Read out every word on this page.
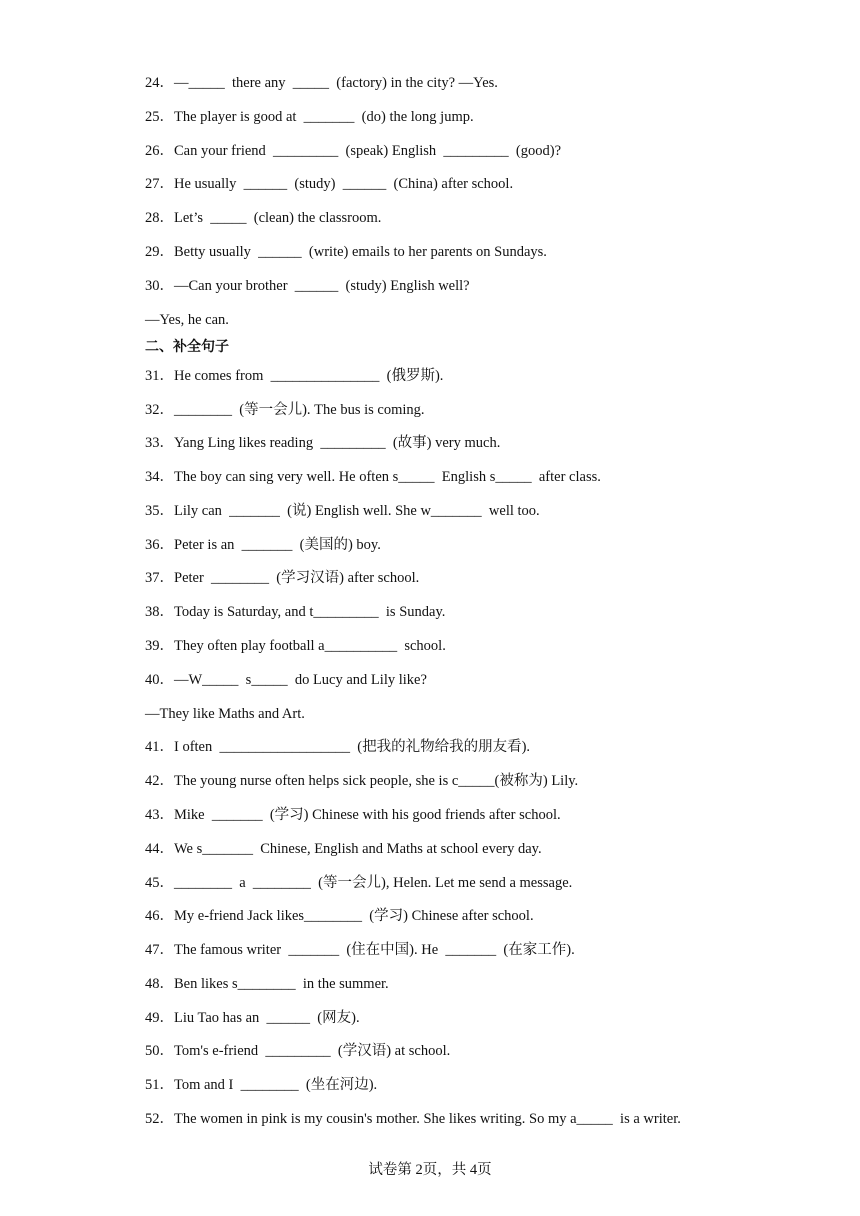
24．—_____  there any  _____  (factory) in the city? —Yes.
25．The player is good at  _______  (do) the long jump.
26．Can your friend  _________  (speak) English  _________  (good)?
27．He usually  ______  (study)  ______  (China) after school.
28．Let’s  _____  (clean) the classroom.
29．Betty usually  ______  (write) emails to her parents on Sundays.
30．—Can your brother  ______  (study) English well?
—Yes, he can.
二、补全句子
31．He comes from  _______________  (俄罗斯).
32．________  (等一会儿). The bus is coming.
33．Yang Ling likes reading  _________  (故事) very much.
34．The boy can sing very well. He often s_____  English s_____  after class.
35．Lily can  _______  (说) English well. She w_______  well too.
36．Peter is an  _______  (美国的) boy.
37．Peter  ________  (学习汉语) after school.
38．Today is Saturday, and t_________  is Sunday.
39．They often play football a__________  school.
40．—W_____  s_____  do Lucy and Lily like?
—They like Maths and Art.
41．I often  __________________  (把我的礼物给我的朋友看).
42．The young nurse often helps sick people, she is c_____(被称为) Lily.
43．Mike  _______  (学习) Chinese with his good friends after school.
44．We s_______  Chinese, English and Maths at school every day.
45．________  a  ________  (等一会儿), Helen. Let me send a message.
46．My e-friend Jack likes________  (学习) Chinese after school.
47．The famous writer  _______  (住在中国). He  _______  (在家工作).
48．Ben likes s________  in the summer.
49．Liu Tao has an  ______  (网友).
50．Tom's e-friend  _________  (学汉语) at school.
51．Tom and I  ________  (坐在河边).
52．The women in pink is my cousin's mother. She likes writing. So my a_____  is a writer.
试卷第 2页，共 4页
